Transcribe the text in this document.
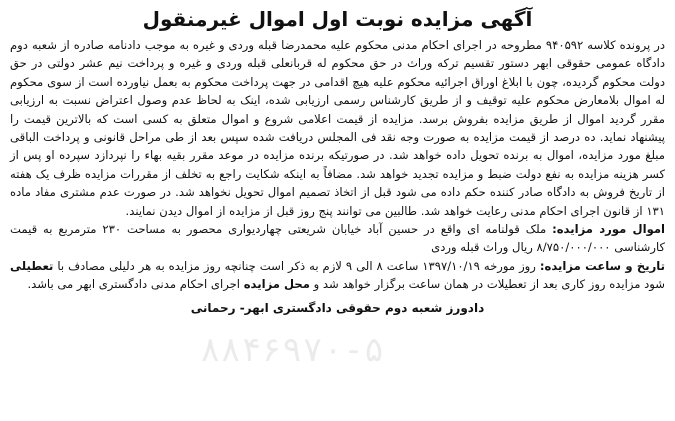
آگهی مزایده نوبت اول اموال غیرمنقول

در پرونده کلاسه ۹۴۰۵۹۲ مطروحه در اجرای احکام مدنی محکوم علیه محمدرضا قبله وردی و غیره به موجب دادنامه صادره از شعبه دوم دادگاه عمومی حقوقی ابهر دستور تقسیم ترکه وراث در حق محکوم له قربانعلی قبله وردی و غیره و پرداخت نیم عشر دولتی در حق دولت محکوم گردیده، چون با ابلاغ اوراق اجرائیه محکوم علیه هیچ اقدامی در جهت پرداخت محکوم به بعمل نیاورده است از سوی محکوم له اموال بلامعارض محکوم علیه توقیف و از طریق کارشناس رسمی ارزیابی شده، اینک به لحاظ عدم وصول اعتراض نسبت به ارزیابی مقرر گردید اموال از طریق مزایده بفروش برسد. مزایده از قیمت اعلامی شروع و اموال متعلق به کسی است که بالاترین قیمت را پیشنهاد نماید. ده درصد از قیمت مزایده به صورت وجه نقد فی المجلس دریافت شده سپس بعد از طی مراحل قانونی و پرداخت الباقی مبلغ مورد مزایده، اموال به برنده تحویل داده خواهد شد. در صورتیکه برنده مزایده در موعد مقرر بقیه بهاء را نپردازد سپرده او پس از کسر هزینه مزایده به نفع دولت ضبط و مزایده تجدید خواهد شد. مضافاً به اینکه شکایت راجع به تخلف از مقررات مزایده ظرف یک هفته از تاریخ فروش به دادگاه صادر کننده حکم داده می شود قبل از اتخاذ تصمیم اموال تحویل نخواهد شد. در صورت عدم مشتری مفاد ماده ۱۳۱ از قانون اجرای احکام مدنی رعایت خواهد شد. طالبین می توانند پنج روز قبل از مزایده از اموال دیدن نمایند.

اموال مورد مزایده: ملک قولنامه ای واقع در حسین آباد خیابان شریعتی چهاردیواری محصور به مساحت ۲۳۰ مترمربع به قیمت کارشناسی ۸/۷۵۰/۰۰۰/۰۰۰ ریال وراث قبله وردی

تاریخ و ساعت مزایده: روز مورخه ۱۳۹۷/۱۰/۱۹ ساعت ۸ الی ۹ لازم به ذکر است چنانچه روز مزایده به هر دلیلی مصادف با تعطیلی شود مزایده روز کاری بعد از تعطیلات در همان ساعت برگزار خواهد شد و محل مزایده اجرای احکام مدنی دادگستری ابهر می باشد.

دادورز شعبه دوم حقوقی دادگستری ابهر- رحمانی
۸۸۴۶۹۷۰-۵
